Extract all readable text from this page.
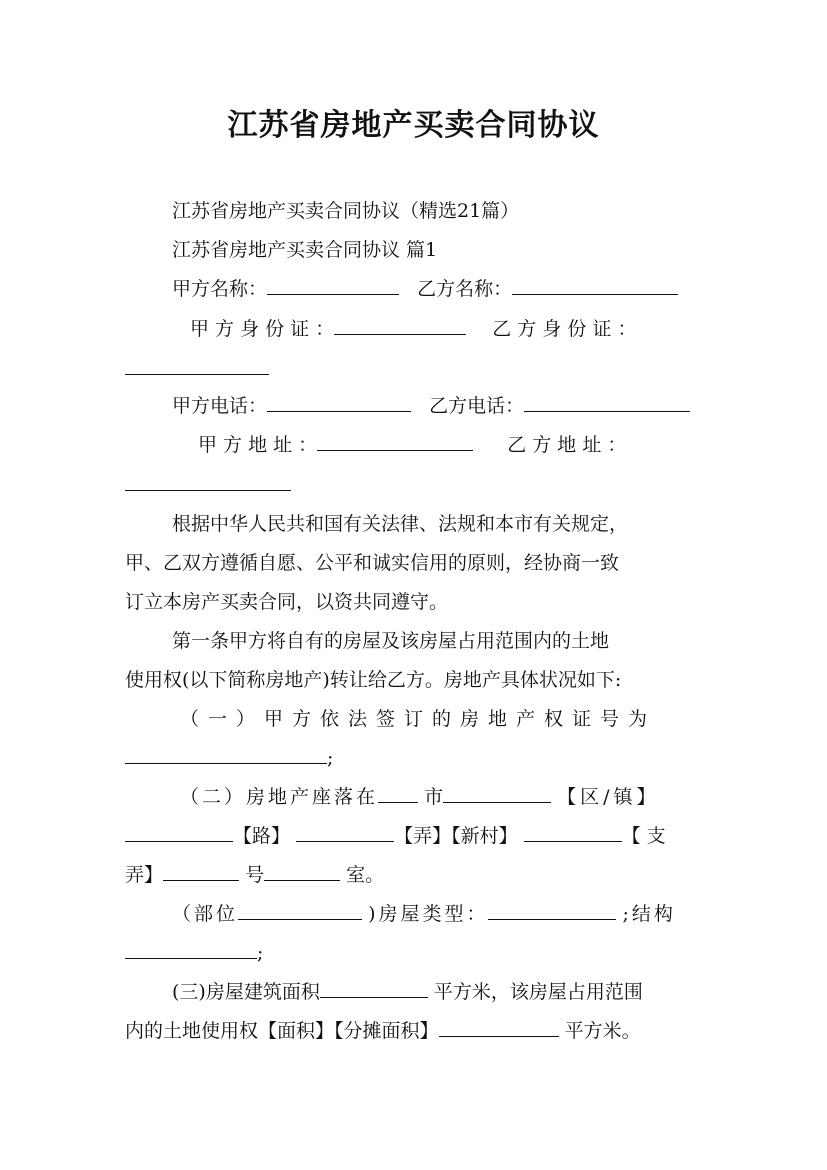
江苏省房地产买卖合同协议
江苏省房地产买卖合同协议（精选21篇）
江苏省房地产买卖合同协议 篇1
甲方名称：	乙方名称：
甲 方 身 份 证 ：	乙 方 身 份 证 ：
甲方电话：	乙方电话：
甲 方 地 址 ：	乙 方 地 址 ：
根据中华人民共和国有关法律、法规和本市有关规定，
甲、乙双方遵循自愿、公平和诚实信用的原则，经协商一致
订立本房产买卖合同，以资共同遵守。
第一条甲方将自有的房屋及该房屋占用范围内的土地
使用权(以下简称房地产)转让给乙方。房地产具体状况如下:
（一）甲方依法签订的房地产权证号为
;
（二）房地产座落在 市	【区/镇】
【路】	【弄】【新村】	【支
弄】	号	室。
（部位	)房屋类型：	;结构
;
(三)房屋建筑面积	平方米，该房屋占用范围
内的土地使用权【面积】【分摊面积】	平方米。
